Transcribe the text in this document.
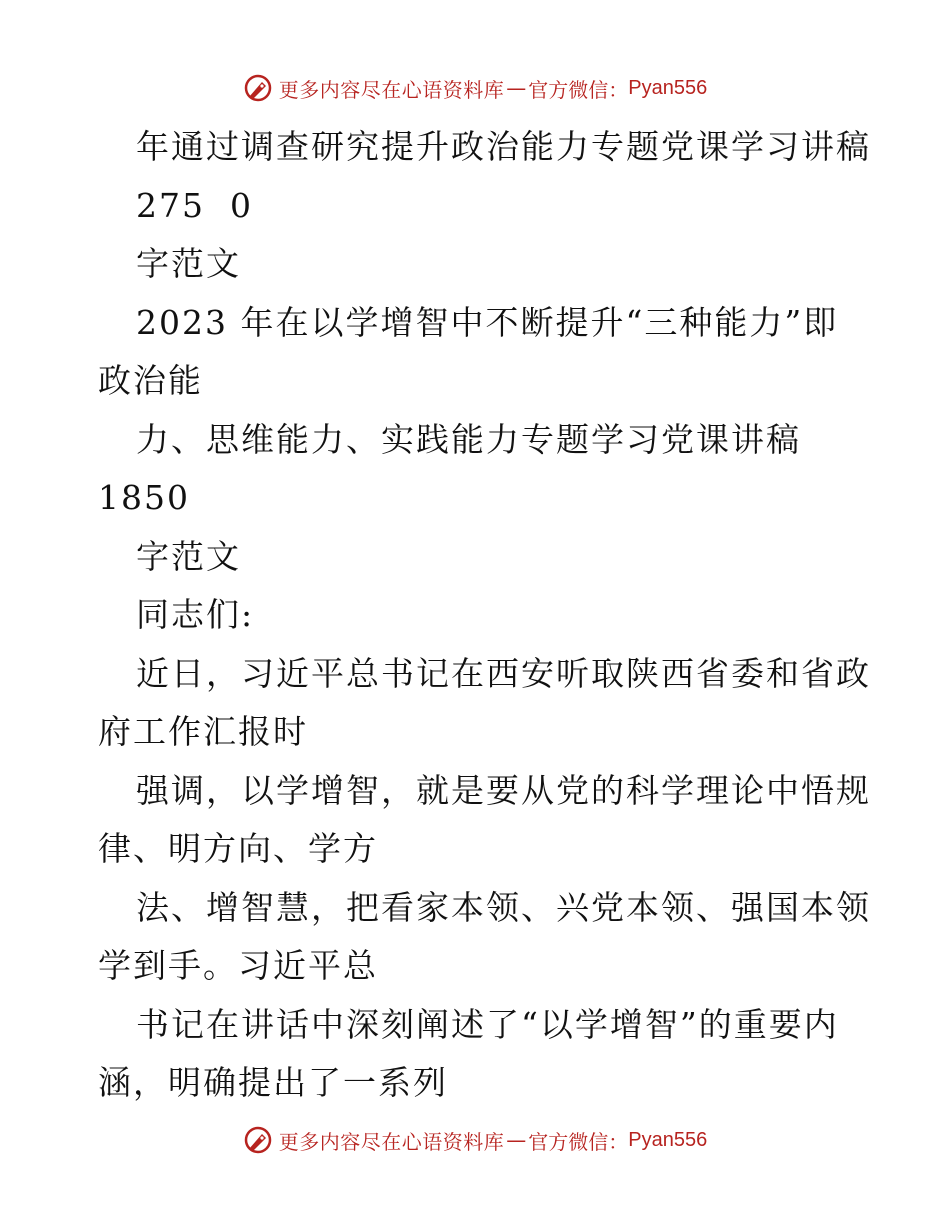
更多内容尽在心语资料库 — 官方微信： Pyan556
年通过调查研究提升政治能力专题党课学习讲稿
275  0
字范文
2023 年在以学增智中不断提升“三种能力”即
政治能
力、思维能力、实践能力专题学习党课讲稿
1850
字范文
同志们:
近日，习近平总书记在西安听取陕西省委和省政
府工作汇报时
强调，以学增智，就是要从党的科学理论中悟规
律、明方向、学方
法、增智慧，把看家本领、兴党本领、强国本领
学到手。习近平总
书记在讲话中深刻阐述了“以学增智”的重要内
涵，明确提出了一系列
更多内容尽在心语资料库 — 官方微信： Pyan556
